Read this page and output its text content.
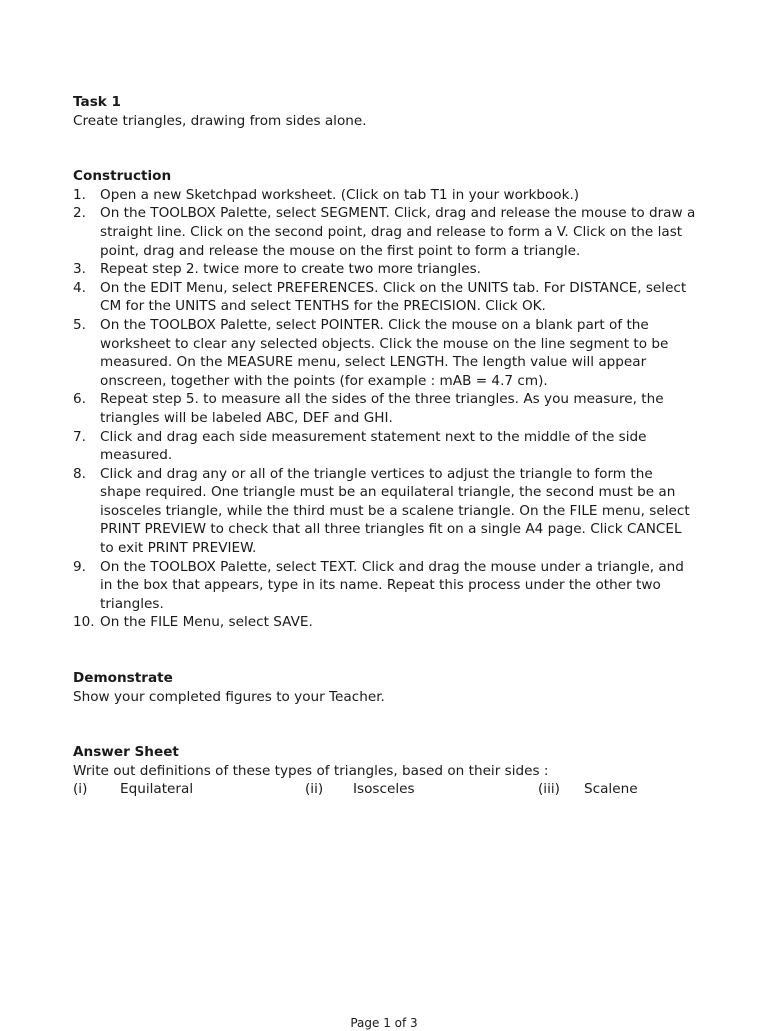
Task 1

Create triangles, drawing from sides alone.

Construction

1. Open a new Sketchpad worksheet. (Click on tab T1 in your workbook.)
2. On the TOOLBOX Palette, select SEGMENT. Click, drag and release the mouse to draw a straight line. Click on the second point, drag and release to form a V. Click on the last point, drag and release the mouse on the first point to form a triangle.
3. Repeat step 2. twice more to create two more triangles.
4. On the EDIT Menu, select PREFERENCES. Click on the UNITS tab. For DISTANCE, select CM for the UNITS and select TENTHS for the PRECISION. Click OK.
5. On the TOOLBOX Palette, select POINTER. Click the mouse on a blank part of the worksheet to clear any selected objects. Click the mouse on the line segment to be measured. On the MEASURE menu, select LENGTH. The length value will appear onscreen, together with the points (for example : mAB = 4.7 cm).
6. Repeat step 5. to measure all the sides of the three triangles. As you measure, the triangles will be labeled ABC, DEF and GHI.
7. Click and drag each side measurement statement next to the middle of the side measured.
8. Click and drag any or all of the triangle vertices to adjust the triangle to form the shape required. One triangle must be an equilateral triangle, the second must be an isosceles triangle, while the third must be a scalene triangle. On the FILE menu, select PRINT PREVIEW to check that all three triangles fit on a single A4 page. Click CANCEL to exit PRINT PREVIEW.
9. On the TOOLBOX Palette, select TEXT. Click and drag the mouse under a triangle, and in the box that appears, type in its name. Repeat this process under the other two triangles.
10. On the FILE Menu, select SAVE.

Demonstrate

Show your completed figures to your Teacher.

Answer Sheet

Write out definitions of these types of triangles, based on their sides :

(i) Equilateral	(ii) Isosceles	(iii) Scalene
Page 1 of 3
